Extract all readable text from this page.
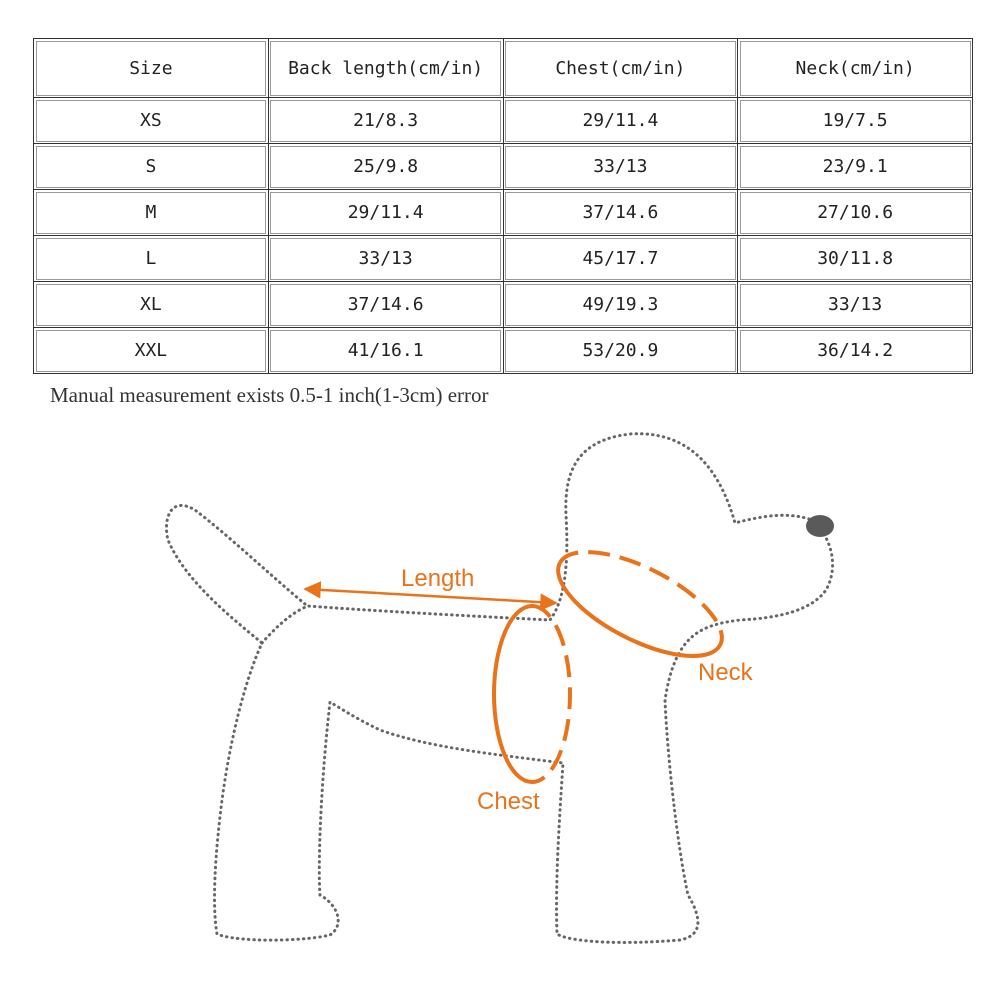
Size	Back length(cm/in)	Chest(cm/in)	Neck(cm/in)
XS	21/8.3	29/11.4	19/7.5
S	25/9.8	33/13	23/9.1
M	29/11.4	37/14.6	27/10.6
L	33/13	45/17.7	30/11.8
XL	37/14.6	49/19.3	33/13
XXL	41/16.1	53/20.9	36/14.2

Manual measurement exists 0.5-1 inch(1-3cm) error

Length
Neck
Chest
